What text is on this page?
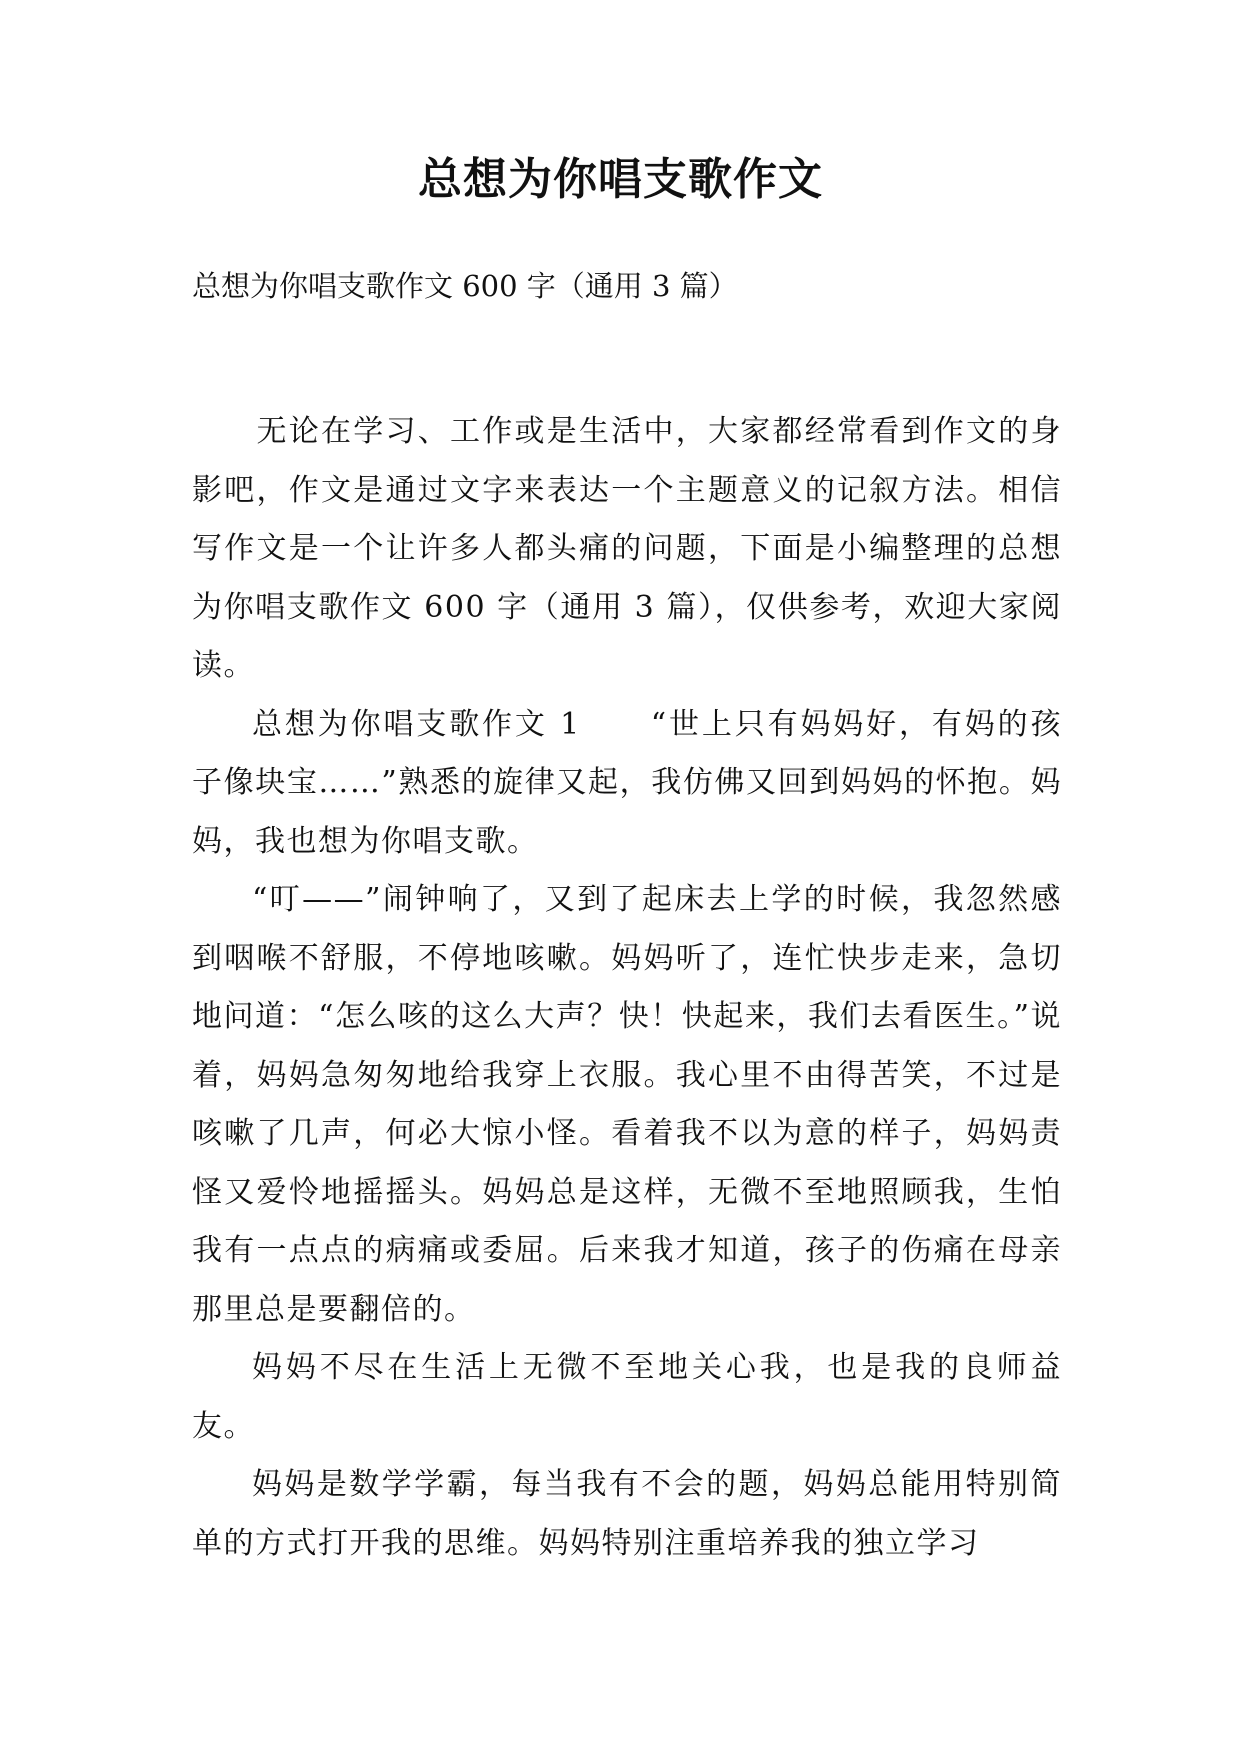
总想为你唱支歌作文

总想为你唱支歌作文 600 字（通用 3 篇）

无论在学习、工作或是生活中，大家都经常看到作文的身影吧，作文是通过文字来表达一个主题意义的记叙方法。相信写作文是一个让许多人都头痛的问题，下面是小编整理的总想为你唱支歌作文 600 字（通用 3 篇），仅供参考，欢迎大家阅读。

总想为你唱支歌作文 1 “世上只有妈妈好，有妈的孩子像块宝……”熟悉的旋律又起，我仿佛又回到妈妈的怀抱。妈妈，我也想为你唱支歌。

“叮——”闹钟响了，又到了起床去上学的时候，我忽然感到咽喉不舒服，不停地咳嗽。妈妈听了，连忙快步走来，急切地问道：“怎么咳的这么大声？快！快起来，我们去看医生。”说着，妈妈急匆匆地给我穿上衣服。我心里不由得苦笑，不过是咳嗽了几声，何必大惊小怪。看着我不以为意的样子，妈妈责怪又爱怜地摇摇头。妈妈总是这样，无微不至地照顾我，生怕我有一点点的病痛或委屈。后来我才知道，孩子的伤痛在母亲那里总是要翻倍的。

妈妈不尽在生活上无微不至地关心我，也是我的良师益友。

妈妈是数学学霸，每当我有不会的题，妈妈总能用特别简单的方式打开我的思维。妈妈特别注重培养我的独立学习
